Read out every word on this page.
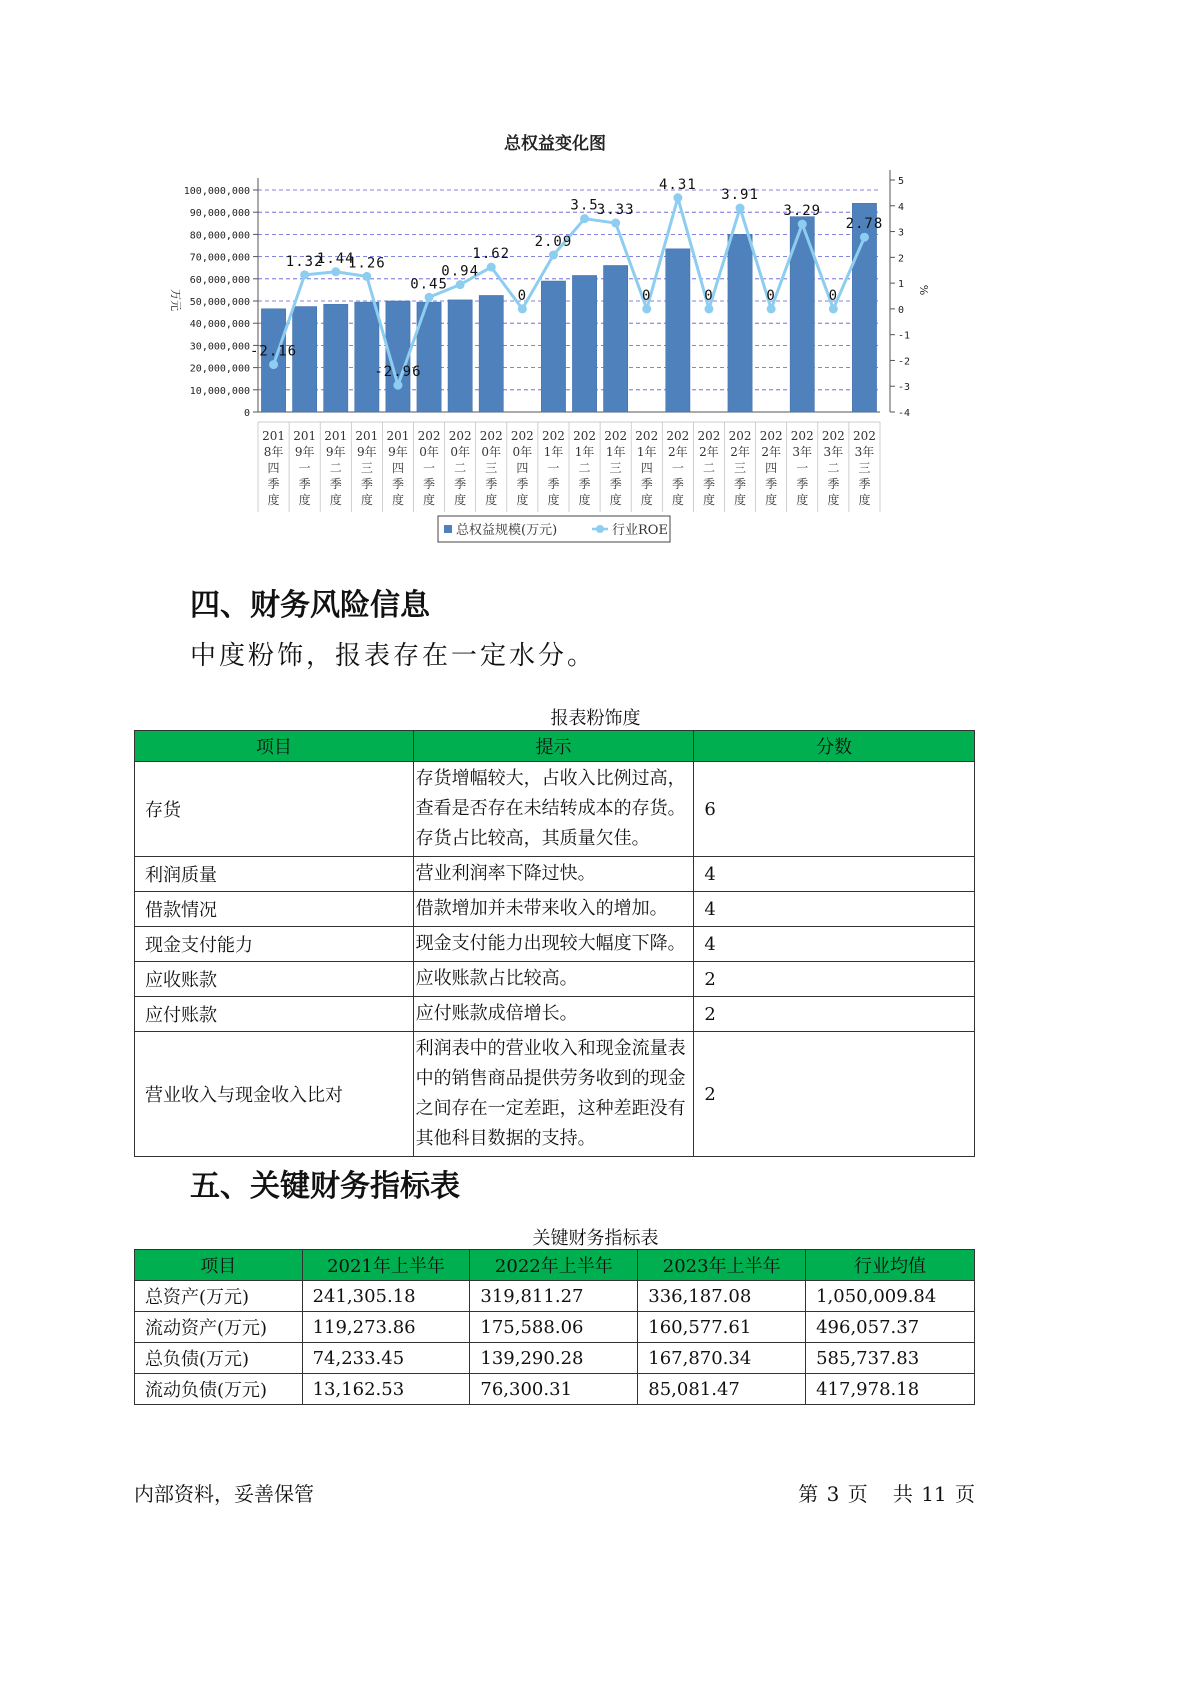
总权益变化图
100,000,000
90,000,000
80,000,000
70,000,000
60,000,000
50,000,000
40,000,000
30,000,000
20,000,000
10,000,000
0
5
4
3
2
1
0
-1
-2
-3
-4
万元	%
201
8年
四
季
度
201
9年
一
季
度
201
9年
二
季
度
201
9年
三
季
度
201
9年
四
季
度
202
0年
一
季
度
202
0年
二
季
度
202
0年
三
季
度
202
0年
四
季
度
202
1年
一
季
度
202
1年
二
季
度
202
1年
三
季
度
202
1年
四
季
度
202
2年
一
季
度
202
2年
二
季
度
202
2年
三
季
度
202
2年
四
季
度
202
3年
一
季
度
202
3年
二
季
度
202
3年
三
季
度
-2.16
1.32
1.44
1.26
-2.96
0.45
0.94
1.62
0
2.09
3.5
3.33
0
4.31
0
3.91
0
3.29
0
2.78
总权益规模(万元)	行业ROE
四、财务风险信息
中度粉饰，报表存在一定水分。
报表粉饰度
项目	提示	分数
存货	存货增幅较大，占收入比例过高，查看是否存在未结转成本的存货。存货占比较高，其质量欠佳。	6
利润质量	营业利润率下降过快。	4
借款情况	借款增加并未带来收入的增加。	4
现金支付能力	现金支付能力出现较大幅度下降。	4
应收账款	应收账款占比较高。	2
应付账款	应付账款成倍增长。	2
营业收入与现金收入比对	利润表中的营业收入和现金流量表中的销售商品提供劳务收到的现金之间存在一定差距，这种差距没有其他科目数据的支持。	2
五、关键财务指标表
关键财务指标表
项目	2021年上半年	2022年上半年	2023年上半年	行业均值
总资产(万元)	241,305.18	319,811.27	336,187.08	1,050,009.84
流动资产(万元)	119,273.86	175,588.06	160,577.61	496,057.37
总负债(万元)	74,233.45	139,290.28	167,870.34	585,737.83
流动负债(万元)	13,162.53	76,300.31	85,081.47	417,978.18
内部资料，妥善保管	第 3 页 共 11 页
